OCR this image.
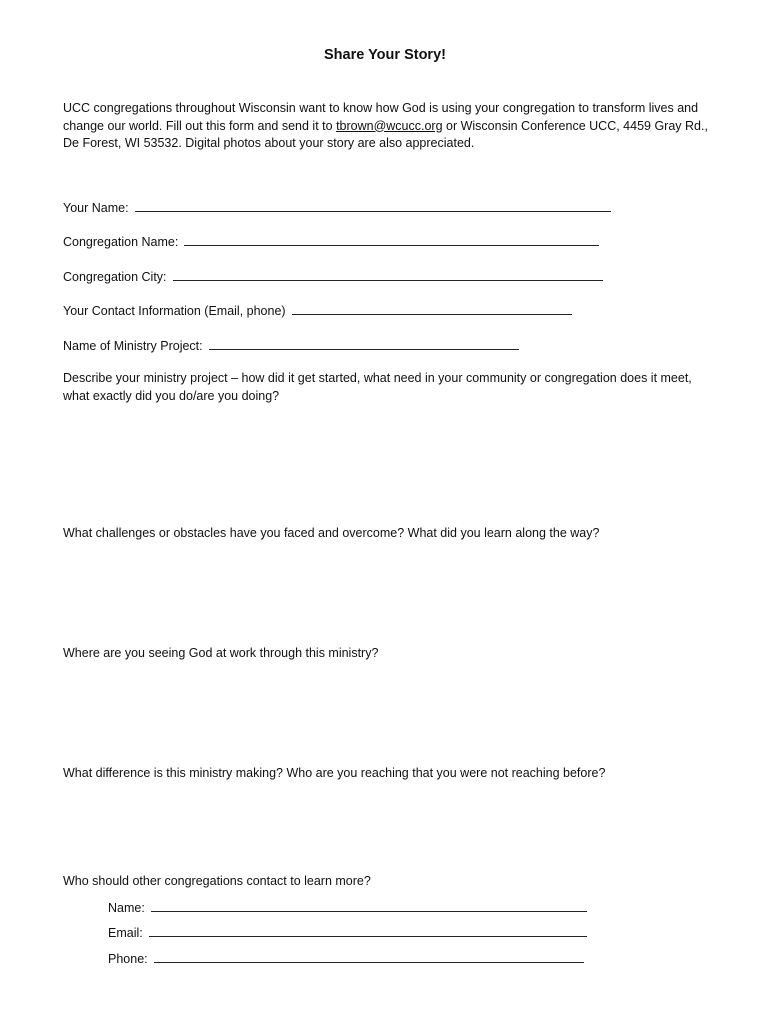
Share Your Story!
UCC congregations throughout Wisconsin want to know how God is using your congregation to transform lives and change our world. Fill out this form and send it to tbrown@wcucc.org or Wisconsin Conference UCC, 4459 Gray Rd., De Forest, WI 53532. Digital photos about your story are also appreciated.
Your Name:
Congregation Name:
Congregation City:
Your Contact Information (Email, phone)
Name of Ministry Project:
Describe your ministry project – how did it get started, what need in your community or congregation does it meet, what exactly did you do/are you doing?
What challenges or obstacles have you faced and overcome? What did you learn along the way?
Where are you seeing God at work through this ministry?
What difference is this ministry making? Who are you reaching that you were not reaching before?
Who should other congregations contact to learn more?
Name:
Email:
Phone:
